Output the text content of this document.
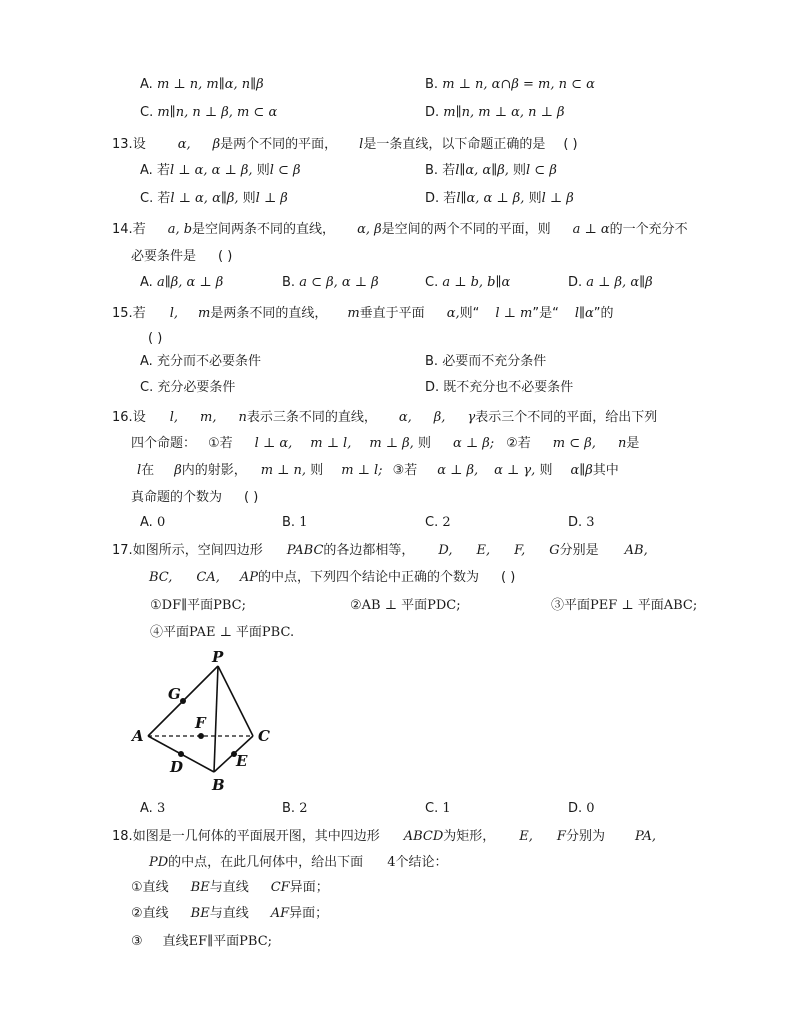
A. m ⊥ n, m∥α, n∥β	B. m ⊥ n, α∩β = m, n ⊂ α
C. m∥n, n ⊥ β, m ⊂ α	D. m∥n, m ⊥ α, n ⊥ β
13.设 α, β是两个不同的平面， l是一条直线，以下命题正确的是 ( )
A. 若l ⊥ α, α ⊥ β, 则l ⊂ β	B. 若l∥α, α∥β, 则l ⊂ β
C. 若l ⊥ α, α∥β, 则l ⊥ β	D. 若l∥α, α ⊥ β, 则l ⊥ β
14.若 a, b是空间两条不同的直线， α, β是空间的两个不同的平面，则 a ⊥ α的一个充分不
必要条件是 ( )
A. a∥β, α ⊥ β	B. a ⊂ β, α ⊥ β	C. a ⊥ b, b∥α	D. a ⊥ β, α∥β
15.若 l, m是两条不同的直线， m垂直于平面 α,则“ l ⊥ m”是“ l∥α”的
( )
A. 充分而不必要条件	B. 必要而不充分条件
C. 充分必要条件	D. 既不充分也不必要条件
16.设 l, m, n表示三条不同的直线， α, β, γ表示三个不同的平面，给出下列
四个命题： ①若 l ⊥ α, m ⊥ l, m ⊥ β, 则 α ⊥ β; ②若 m ⊂ β, n是
l在 β内的射影， m ⊥ n, 则 m ⊥ l; ③若 α ⊥ β, α ⊥ γ, 则 α∥β其中
真命题的个数为 ( )
A. 0	B. 1	C. 2	D. 3
17.如图所示，空间四边形 PABC的各边都相等， D, E, F, G分别是 AB,
BC, CA, AP的中点，下列四个结论中正确的个数为 ( )
①DF∥平面PBC;	②AB ⊥ 平面PDC;	③平面PEF ⊥ 平面ABC;
④平面PAE ⊥ 平面PBC.
P
A
B
C
D	E
F
G
A. 3	B. 2	C. 1	D. 0
18.如图是一几何体的平面展开图，其中四边形 ABCD为矩形， E, F分别为 PA,
PD的中点，在此几何体中，给出下面 4个结论：
①直线 BE与直线 CF异面；
②直线 BE与直线 AF异面；
③ 直线EF∥平面PBC;
